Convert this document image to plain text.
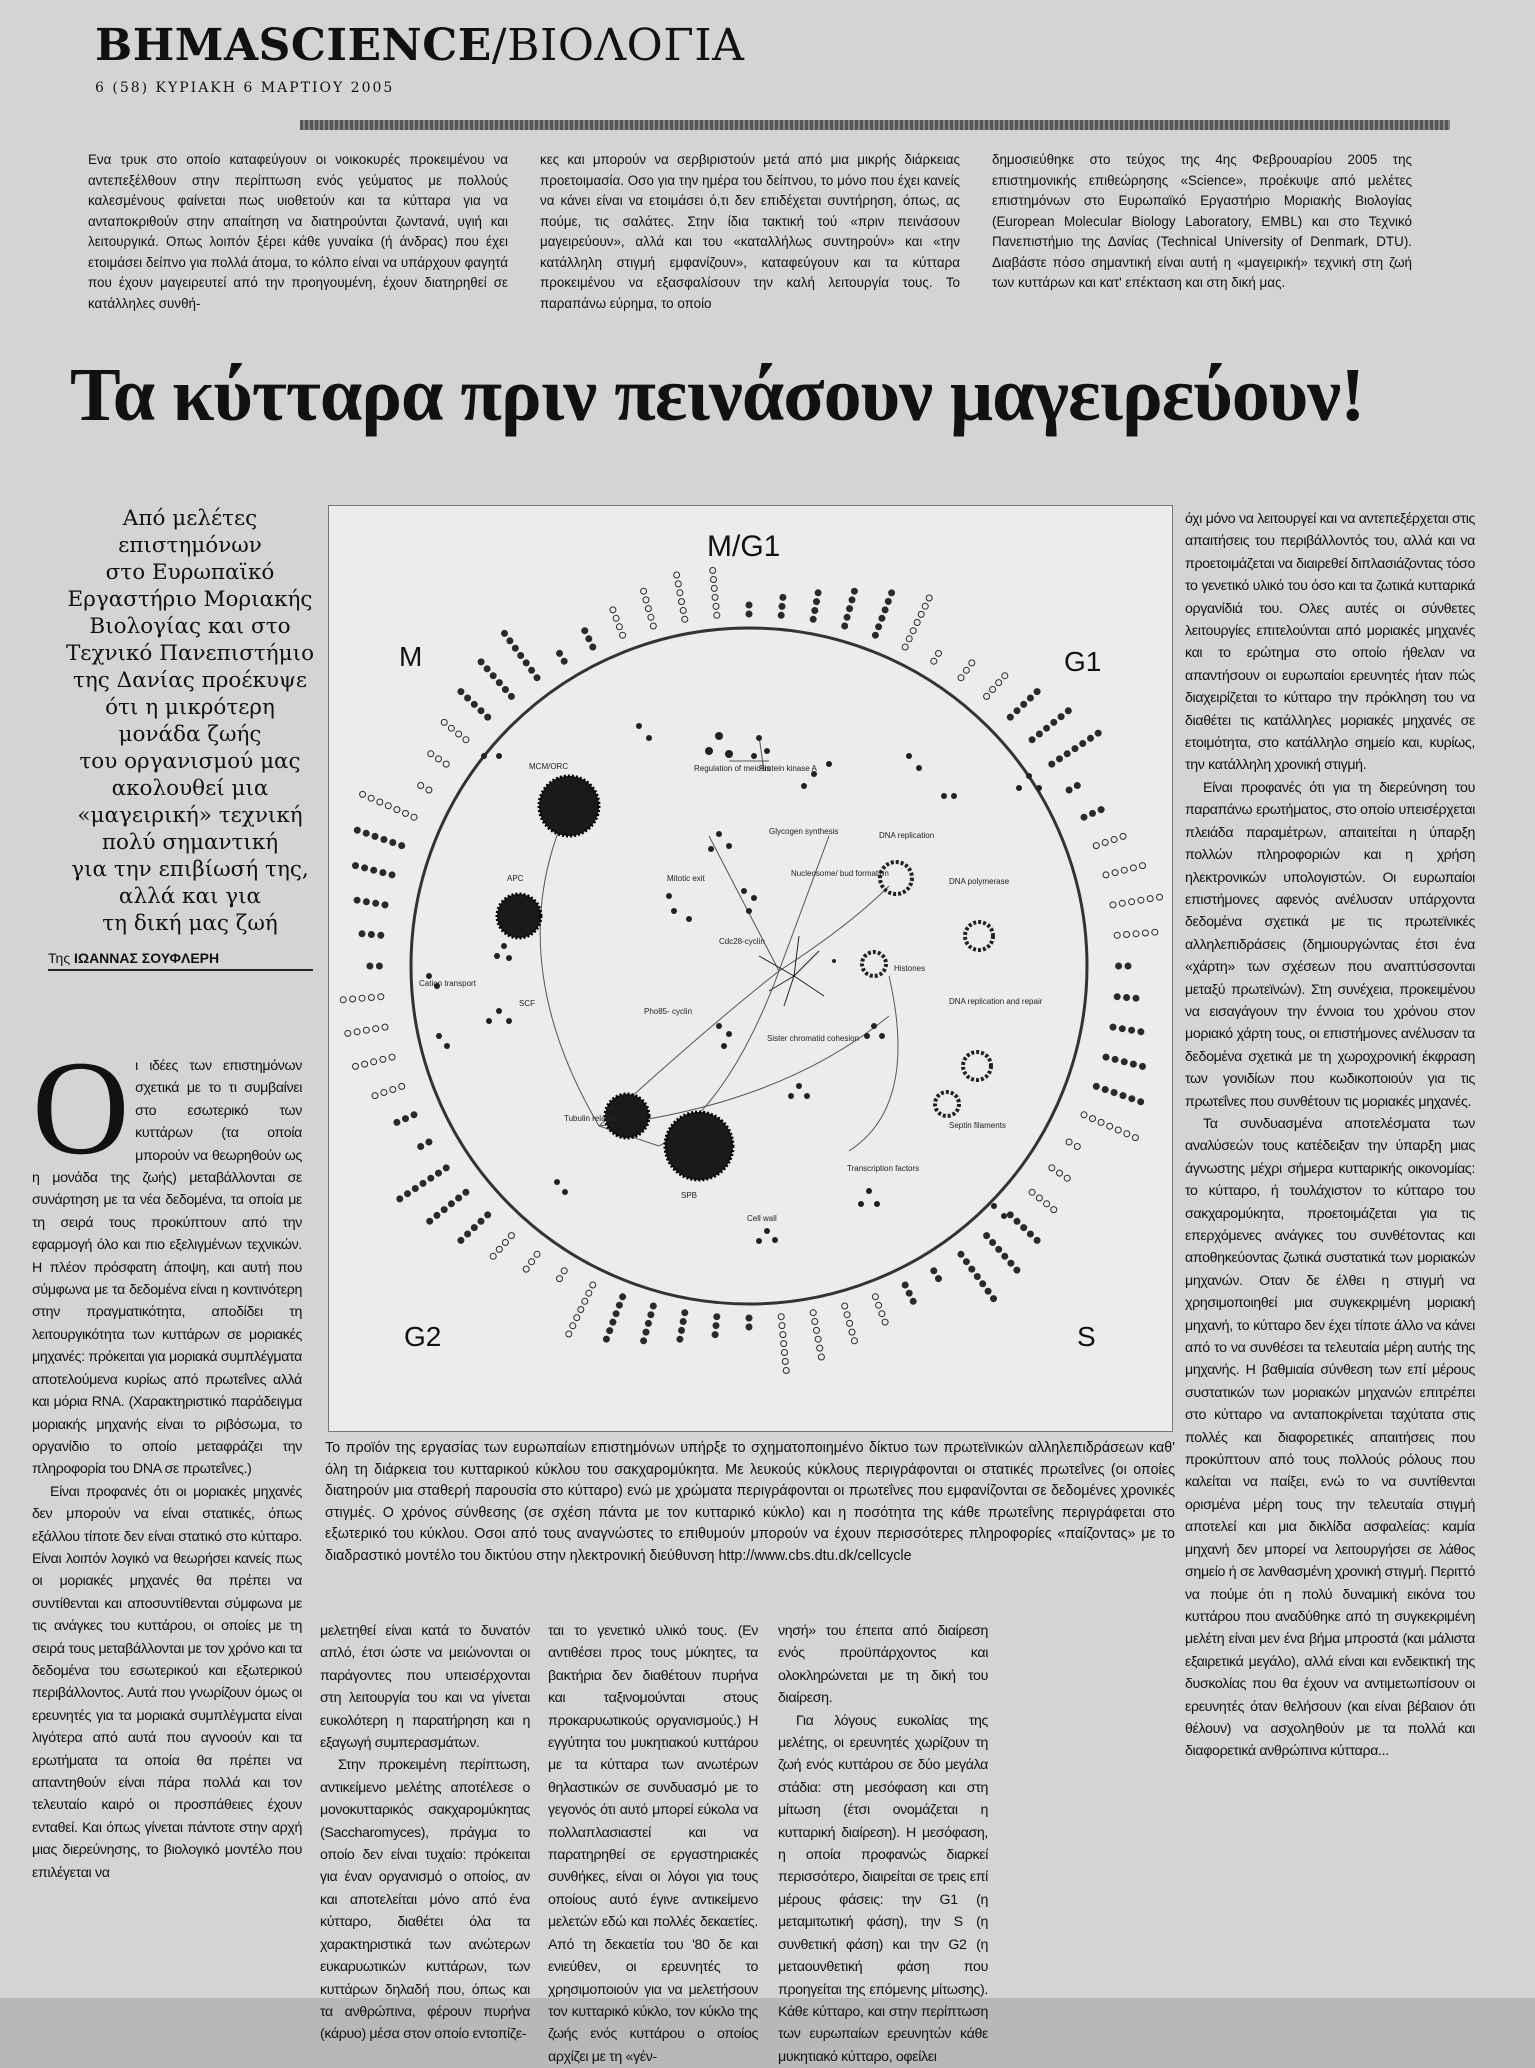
ΒΗΜΑSCIENCE/ΒΙΟΛΟΓΙΑ
6 (58) ΚΥΡΙΑΚΗ 6 ΜΑΡΤΙΟΥ 2005
Ενα τρυκ στο οποίο καταφεύγουν οι νοικοκυρές προκειμένου να αντεπεξέλθουν στην περίπτωση ενός γεύματος με πολλούς καλεσμένους φαίνεται πως υιοθετούν και τα κύτταρα για να ανταποκριθούν στην απαίτηση να διατηρούνται ζωντανά, υγιή και λειτουργικά. Οπως λοιπόν ξέρει κάθε γυναίκα (ή άνδρας) που έχει ετοιμάσει δείπνο για πολλά άτομα, το κόλπο είναι να υπάρχουν φαγητά που έχουν μαγειρευτεί από την προηγουμένη, έχουν διατηρηθεί σε κατάλληλες συνθή-
κες και μπορούν να σερβιριστούν μετά από μια μικρής διάρκειας προετοιμασία. Οσο για την ημέρα του δείπνου, το μόνο που έχει κανείς να κάνει είναι να ετοιμάσει ό,τι δεν επιδέχεται συντήρηση, όπως, ας πούμε, τις σαλάτες. Στην ίδια τακτική τού «πριν πεινάσουν μαγειρεύουν», αλλά και του «καταλλήλως συντηρούν» και «την κατάλληλη στιγμή εμφανίζουν», καταφεύγουν και τα κύτταρα προκειμένου να εξασφαλίσουν την καλή λειτουργία τους. Το παραπάνω εύρημα, το οποίο
δημοσιεύθηκε στο τεύχος της 4ης Φεβρουαρίου 2005 της επιστημονικής επιθεώρησης «Science», προέκυψε από μελέτες επιστημόνων στο Ευρωπαϊκό Εργαστήριο Μοριακής Βιολογίας (European Molecular Biology Laboratory, EMBL) και στο Τεχνικό Πανεπιστήμιο της Δανίας (Technical University of Denmark, DTU). Διαβάστε πόσο σημαντική είναι αυτή η «μαγειρική» τεχνική στη ζωή των κυττάρων και κατ' επέκταση και στη δική μας.
Τα κύτταρα πριν πεινάσουν μαγειρεύουν!
Από μελέτες
επιστημόνων
στο Ευρωπαϊκό
Εργαστήριο Μοριακής
Βιολογίας και στο
Τεχνικό Πανεπιστήμιο
της Δανίας προέκυψε
ότι η μικρότερη
μονάδα ζωής
του οργανισμού μας
ακολουθεί μια
«μαγειρική» τεχνική
πολύ σημαντική
για την επιβίωσή της,
αλλά και για
τη δική μας ζωή
Της ΙΩΑΝΝΑΣ ΣΟΥΦΛΕΡΗ
M/G1
M	G1
G2	S
MCM/ORC	Regulation of meiosis
Protein kinase A
Glycogen synthesis	DNA replication
APC	Mitotic exit
Nucleosome/ bud formation
DNA polymerase
Cdc28-cyclin
Histones
Cation transport
SCF
Pho85- cyclin
DNA replication and repair
Sister chromatid cohesion
Tubulin related
Septin filaments
SPB
Transcription factors
Cell wall
Το προϊόν της εργασίας των ευρωπαίων επιστημόνων υπήρξε το σχηματοποιημένο δίκτυο των πρωτεϊνικών αλληλεπιδράσεων καθ' όλη τη διάρκεια του κυτταρικού κύκλου του σακχαρομύκητα. Με λευκούς κύκλους περιγράφονται οι στατικές πρωτεΐνες (οι οποίες διατηρούν μια σταθερή παρουσία στο κύτταρο) ενώ με χρώματα περιγράφονται οι πρωτεΐνες που εμφανίζονται σε δεδομένες χρονικές στιγμές. Ο χρόνος σύνθεσης (σε σχέση πάντα με τον κυτταρικό κύκλο) και η ποσότητα της κάθε πρωτεΐνης περιγράφεται στο εξωτερικό του κύκλου. Οσοι από τους αναγνώστες το επιθυμούν μπορούν να έχουν περισσότερες πληροφορίες «παίζοντας» με το διαδραστικό μοντέλο του δικτύου στην ηλεκτρονική διεύθυνση http://www.cbs.dtu.dk/cellcycle
O ι ιδέες των επιστημόνων σχετικά με το τι συμβαίνει στο εσωτερικό των κυττάρων (τα οποία μπορούν να θεωρηθούν ως η μονάδα της ζωής) μεταβάλλονται σε συνάρτηση με τα νέα δεδομένα, τα οποία με τη σειρά τους προκύπτουν από την εφαρμογή όλο και πιο εξελιγμένων τεχνικών. Η πλέον πρόσφατη άποψη, και αυτή που σύμφωνα με τα δεδομένα είναι η κοντινότερη στην πραγματικότητα, αποδίδει τη λειτουργικότητα των κυττάρων σε μοριακές μηχανές: πρόκειται για μοριακά συμπλέγματα αποτελούμενα κυρίως από πρωτεΐνες αλλά και μόρια RNA. (Χαρακτηριστικό παράδειγμα μοριακής μηχανής είναι το ριβόσωμα, το οργανίδιο το οποίο μεταφράζει την πληροφορία του DNA σε πρωτεΐνες.)

Είναι προφανές ότι οι μοριακές μηχανές δεν μπορούν να είναι στατικές, όπως εξάλλου τίποτε δεν είναι στατικό στο κύτταρο. Είναι λοιπόν λογικό να θεωρήσει κανείς πως οι μοριακές μηχανές θα πρέπει να συντίθενται και αποσυντίθενται σύμφωνα με τις ανάγκες του κυττάρου, οι οποίες με τη σειρά τους μεταβάλλονται με τον χρόνο και τα δεδομένα του εσωτερικού και εξωτερικού περιβάλλοντος. Αυτά που γνωρίζουν όμως οι ερευνητές για τα μοριακά συμπλέγματα είναι λιγότερα από αυτά που αγνοούν και τα ερωτήματα τα οποία θα πρέπει να απαντηθούν είναι πάρα πολλά και τον τελευταίο καιρό οι προσπάθειες έχουν ενταθεί. Και όπως γίνεται πάντοτε στην αρχή μιας διερεύνησης, το βιολογικό μοντέλο που επιλέγεται να

μελετηθεί είναι κατά το δυνατόν απλό, έτσι ώστε να μειώνονται οι παράγοντες που υπεισέρχονται στη λειτουργία του και να γίνεται ευκολότερη η παρατήρηση και η εξαγωγή συμπερασμάτων.

Στην προκειμένη περίπτωση, αντικείμενο μελέτης αποτέλεσε ο μονοκυτταρικός σακχαρομύκητας (Saccharomyces), πράγμα το οποίο δεν είναι τυχαίο: πρόκειται για έναν οργανισμό ο οποίος, αν και αποτελείται μόνο από ένα κύτταρο, διαθέτει όλα τα χαρακτηριστικά των ανώτερων ευκαρυωτικών κυττάρων, των κυττάρων δηλαδή που, όπως και τα ανθρώπινα, φέρουν πυρήνα (κάρυο) μέσα στον οποίο εντοπίζε-

ται το γενετικό υλικό τους. (Εν αντιθέσει προς τους μύκητες, τα βακτήρια δεν διαθέτουν πυρήνα και ταξινομούνται στους προκαρυωτικούς οργανισμούς.) Η εγγύτητα του μυκητιακού κυττάρου με τα κύτταρα των ανωτέρων θηλαστικών σε συνδυασμό με το γεγονός ότι αυτό μπορεί εύκολα να πολλαπλασιαστεί και να παρατηρηθεί σε εργαστηριακές συνθήκες, είναι οι λόγοι για τους οποίους αυτό έγινε αντικείμενο μελετών εδώ και πολλές δεκαετίες. Από τη δεκαετία του '80 δε και ενιεύθεν, οι ερευνητές το χρησιμοποιούν για να μελετήσουν τον κυτταρικό κύκλο, τον κύκλο της ζωής ενός κυττάρου ο οποίος αρχίζει με τη «γέν-

νησή» του έπειτα από διαίρεση ενός προϋπάρχοντος και ολοκληρώνεται με τη δική του διαίρεση.

Για λόγους ευκολίας της μελέτης, οι ερευνητές χωρίζουν τη ζωή ενός κυττάρου σε δύο μεγάλα στάδια: στη μεσόφαση και στη μίτωση (έτσι ονομάζεται η κυτταρική διαίρεση). Η μεσόφαση, η οποία προφανώς διαρκεί περισσότερο, διαιρείται σε τρεις επί μέρους φάσεις: την G1 (η μεταμιτωτική φάση), την S (η συνθετική φάση) και την G2 (η μεταουνθετική φάση που προηγείται της επόμενης μίτωσης). Κάθε κύτταρο, και στην περίπτωση των ευρωπαίων ερευνητών κάθε μυκητιακό κύτταρο, οφείλει

όχι μόνο να λειτουργεί και να αντεπεξέρχεται στις απαιτήσεις του περιβάλλοντός του, αλλά και να προετοιμάζεται να διαιρεθεί διπλασιάζοντας τόσο το γενετικό υλικό του όσο και τα ζωτικά κυτταρικά οργανίδιά του. Ολες αυτές οι σύνθετες λειτουργίες επιτελούνται από μοριακές μηχανές και το ερώτημα στο οποίο ήθελαν να απαντήσουν οι ευρωπαίοι ερευνητές ήταν πώς διαχειρίζεται το κύτταρο την πρόκληση του να διαθέτει τις κατάλληλες μοριακές μηχανές σε ετοιμότητα, στο κατάλληλο σημείο και, κυρίως, την κατάλληλη χρονική στιγμή.

Είναι προφανές ότι για τη διερεύνηση του παραπάνω ερωτήματος, στο οποίο υπεισέρχεται πλειάδα παραμέτρων, απαιτείται η ύπαρξη πολλών πληροφοριών και η χρήση ηλεκτρονικών υπολογιστών. Οι ευρωπαίοι επιστήμονες αφενός ανέλυσαν υπάρχοντα δεδομένα σχετικά με τις πρωτεϊνικές αλληλεπιδράσεις (δημιουργώντας έτσι ένα «χάρτη» των σχέσεων που αναπτύσσονται μεταξύ πρωτεϊνών). Στη συνέχεια, προκειμένου να εισαγάγουν την έννοια του χρόνου στον μοριακό χάρτη τους, οι επιστήμονες ανέλυσαν τα δεδομένα σχετικά με τη χωροχρονική έκφραση των γονιδίων που κωδικοποιούν για τις πρωτεΐνες που συνθέτουν τις μοριακές μηχανές.

Τα συνδυασμένα αποτελέσματα των αναλύσεών τους κατέδειξαν την ύπαρξη μιας άγνωστης μέχρι σήμερα κυτταρικής οικονομίας: το κύτταρο, ή τουλάχιστον το κύτταρο του σακχαρομύκητα, προετοιμάζεται για τις επερχόμενες ανάγκες του συνθέτοντας και αποθηκεύοντας ζωτικά συστατικά των μοριακών μηχανών. Οταν δε έλθει η στιγμή να χρησιμοποιηθεί μια συγκεκριμένη μοριακή μηχανή, το κύτταρο δεν έχει τίποτε άλλο να κάνει από το να συνθέσει τα τελευταία μέρη αυτής της μηχανής. Η βαθμιαία σύνθεση των επί μέρους συστατικών των μοριακών μηχανών επιτρέπει στο κύτταρο να ανταποκρίνεται ταχύτατα στις πολλές και διαφορετικές απαιτήσεις που προκύπτουν από τους πολλούς ρόλους που καλείται να παίξει, ενώ το να συντίθενται ορισμένα μέρη τους την τελευταία στιγμή αποτελεί και μια δικλίδα ασφαλείας: καμία μηχανή δεν μπορεί να λειτουργήσει σε λάθος σημείο ή σε λανθασμένη χρονική στιγμή. Περιττό να πούμε ότι η πολύ δυναμική εικόνα του κυττάρου που αναδύθηκε από τη συγκεκριμένη μελέτη είναι μεν ένα βήμα μπροστά (και μάλιστα εξαιρετικά μεγάλο), αλλά είναι και ενδεικτική της δυσκολίας που θα έχουν να αντιμετωπίσουν οι ερευνητές όταν θελήσουν (και είναι βέβαιον ότι θέλουν) να ασχοληθούν με τα πολλά και διαφορετικά ανθρώπινα κύτταρα...
